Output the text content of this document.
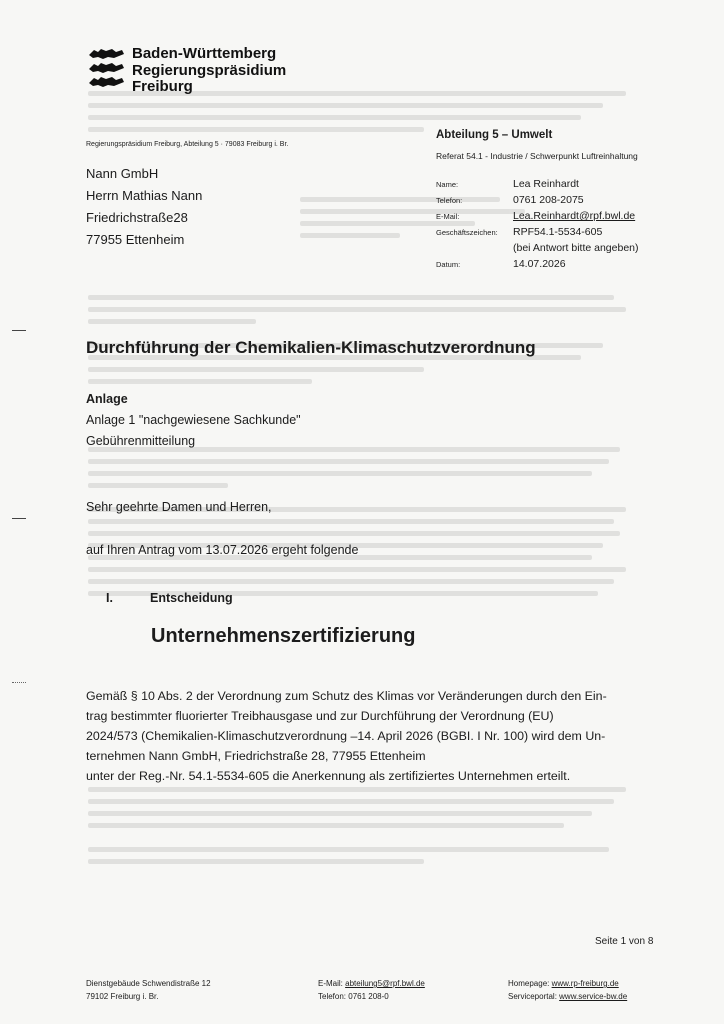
Baden-Württemberg
Regierungspräsidium
Freiburg
Regierungspräsidium Freiburg, Abteilung 5 · 79083 Freiburg i. Br.
Nann GmbH
Herrn Mathias Nann
Friedrichstraße28
77955 Ettenheim
Abteilung 5 – Umwelt
Referat 54.1 - Industrie / Schwerpunkt Luftreinhaltung
Name:	Lea Reinhardt
Telefon:	0761 208-2075
E-Mail:	Lea.Reinhardt@rpf.bwl.de
Geschäftszeichen:	RPF54.1-5534-605
(bei Antwort bitte angeben)
Datum:	14.07.2026
Durchführung der Chemikalien-Klimaschutzverordnung
Anlage
Anlage 1 "nachgewiesene Sachkunde"
Gebührenmitteilung
Sehr geehrte Damen und Herren,
auf Ihren Antrag vom 13.07.2026 ergeht folgende
I.	Entscheidung
Unternehmenszertifizierung
Gemäß § 10 Abs. 2 der Verordnung zum Schutz des Klimas vor Veränderungen durch den Ein-
trag bestimmter fluorierter Treibhausgase und zur Durchführung der Verordnung (EU)
2024/573 (Chemikalien-Klimaschutzverordnung –14. April 2026 (BGBI. I Nr. 100) wird dem Un-
ternehmen Nann GmbH, Friedrichstraße 28, 77955 Ettenheim
unter der Reg.-Nr. 54.1-5534-605 die Anerkennung als zertifiziertes Unternehmen erteilt.
Seite 1 von 8
Dienstgebäude Schwendistraße 12
79102 Freiburg i. Br.
E-Mail: abteilung5@rpf.bwl.de
Telefon: 0761 208-0
Homepage: www.rp-freiburg.de
Serviceportal: www.service-bw.de
